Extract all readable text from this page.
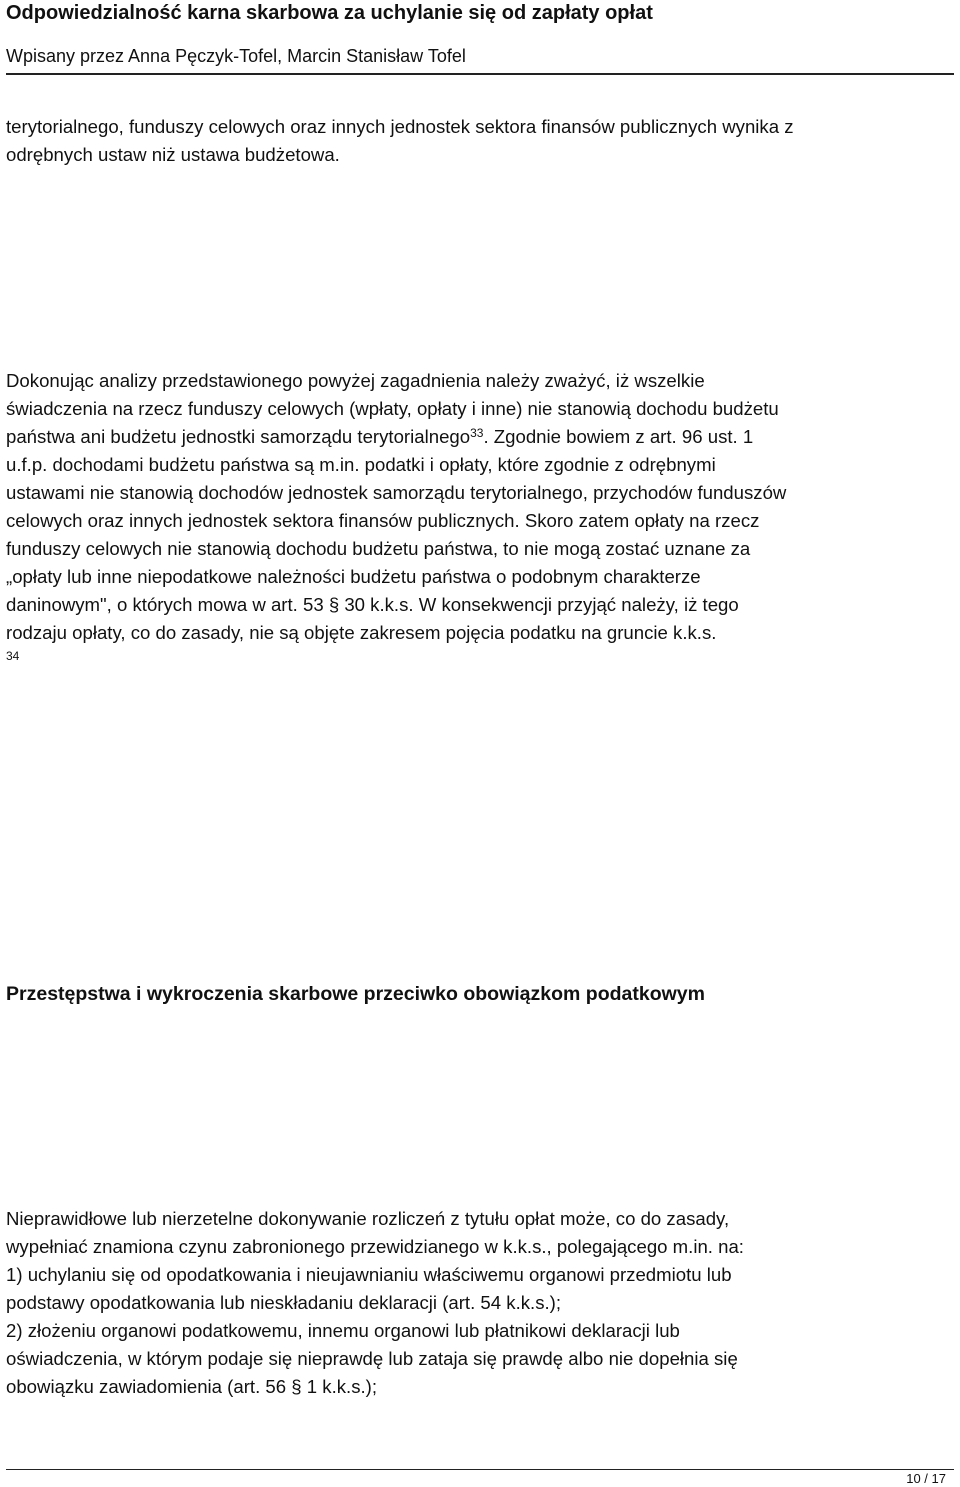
Odpowiedzialność karna skarbowa za uchylanie się od zapłaty opłat
Wpisany przez Anna Pęczyk-Tofel, Marcin Stanisław Tofel
terytorialnego, funduszy celowych oraz innych jednostek sektora finansów publicznych wynika z
odrębnych ustaw niż ustawa budżetowa.
Dokonując analizy przedstawionego powyżej zagadnienia należy zważyć, iż wszelkie
świadczenia na rzecz funduszy celowych (wpłaty, opłaty i inne) nie stanowią dochodu budżetu
państwa ani budżetu jednostki samorządu terytorialnego$^{33}$. Zgodnie bowiem z art. 96 ust. 1
u.f.p. dochodami budżetu państwa są m.in. podatki i opłaty, które zgodnie z odrębnymi
ustawami nie stanowią dochodów jednostek samorządu terytorialnego, przychodów funduszów
celowych oraz innych jednostek sektora finansów publicznych. Skoro zatem opłaty na rzecz
funduszy celowych nie stanowią dochodu budżetu państwa, to nie mogą zostać uznane za
„opłaty lub inne niepodatkowe należności budżetu państwa o podobnym charakterze
daninowym", o których mowa w art. 53 § 30 k.k.s. W konsekwencji przyjąć należy, iż tego
rodzaju opłaty, co do zasady, nie są objęte zakresem pojęcia podatku na gruncie k.k.s.
34
Przestępstwa i wykroczenia skarbowe przeciwko obowiązkom podatkowym
Nieprawidłowe lub nierzetelne dokonywanie rozliczeń z tytułu opłat może, co do zasady,
wypełniać znamiona czynu zabronionego przewidzianego w k.k.s., polegającego m.in. na:
1) uchylaniu się od opodatkowania i nieujawnianiu właściwemu organowi przedmiotu lub
podstawy opodatkowania lub nieskładaniu deklaracji (art. 54 k.k.s.);
2) złożeniu organowi podatkowemu, innemu organowi lub płatnikowi deklaracji lub
oświadczenia, w którym podaje się nieprawdę lub zataja się prawdę albo nie dopełnia się
obowiązku zawiadomienia (art. 56 § 1 k.k.s.);
10 / 17
